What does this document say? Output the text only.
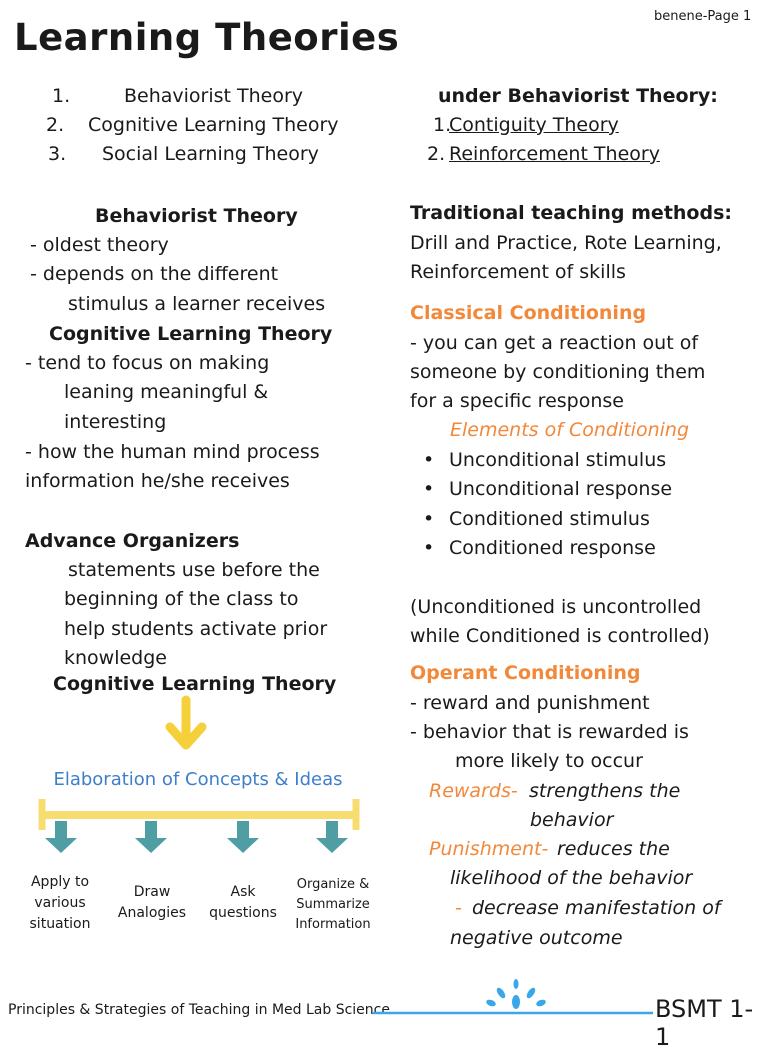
Learning Theories	benene-Page 1
1.	Behaviorist Theory
2. Cognitive Learning Theory
3. Social Learning Theory
Behaviorist Theory
- oldest theory
- depends on the different
stimulus a learner receives
Cognitive Learning Theory
- tend to focus on making
leaning meaningful &
interesting
- how the human mind process
information he/she receives
Advance Organizers
statements use before the
beginning of the class to
help students activate prior
knowledge
Cognitive Learning Theory
Elaboration of Concepts & Ideas
Apply to
various
situation
Draw
Analogies
Ask
questions
Organize &
Summarize
Information
under Behaviorist Theory:
1.
Contiguity Theory
2. Reinforcement Theory
Traditional teaching methods:
Drill and Practice, Rote Learning,
Reinforcement of skills
Classical Conditioning
- you can get a reaction out of
someone by conditioning them
for a specific response
Elements of Conditioning
• Unconditional stimulus
• Unconditional response
• Conditioned stimulus
• Conditioned response
(Unconditioned is uncontrolled
while Conditioned is controlled)
Operant Conditioning
- reward and punishment
- behavior that is rewarded is
more likely to occur
Rewards- strengthens the
behavior
Punishment- reduces the
likelihood of the behavior
- decrease manifestation of
negative outcome
Principles & Strategies of Teaching in Med Lab Science	BSMT 1-1
